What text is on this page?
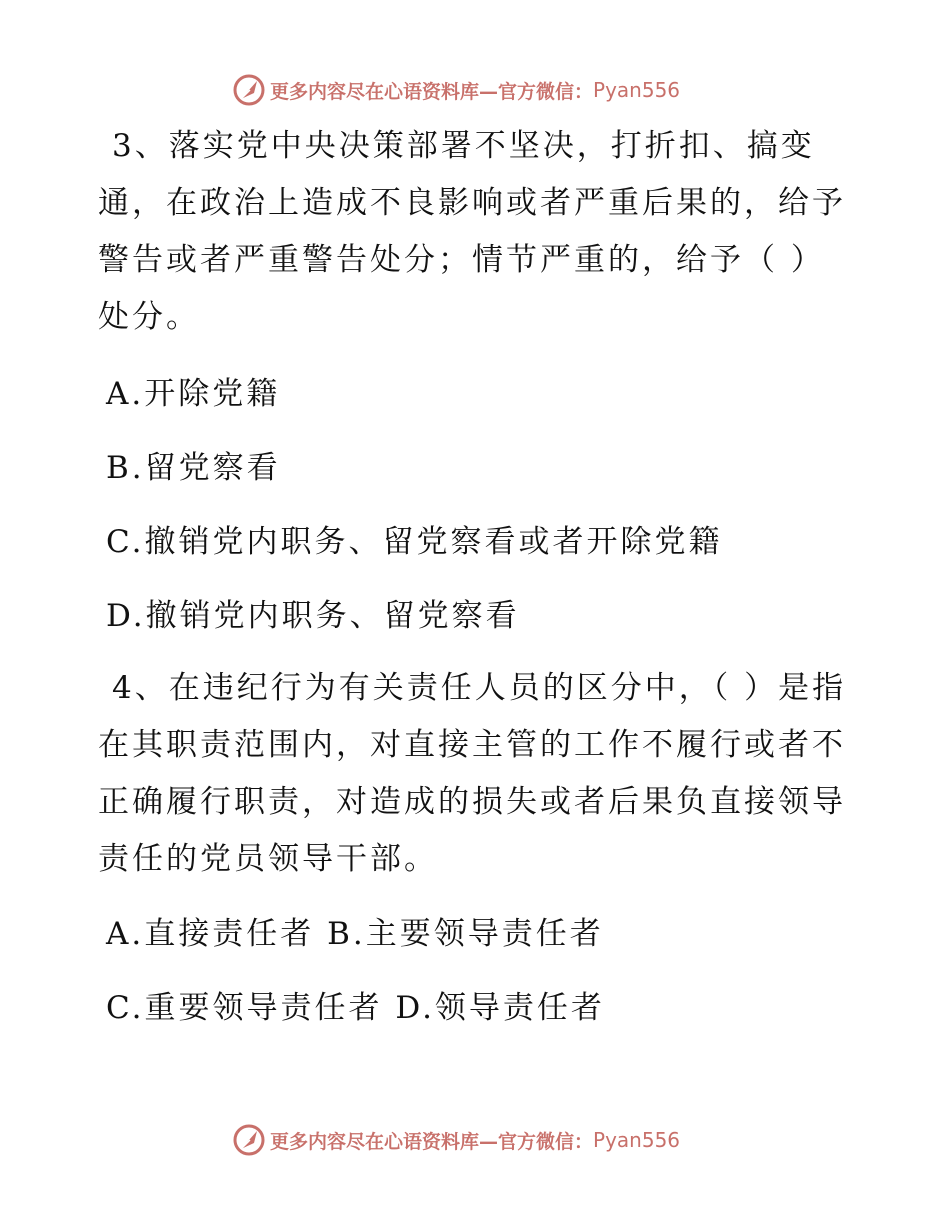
更多内容尽在心语资料库—官方微信： Pyan556

3、落实党中央决策部署不坚决，打折扣、搞变通，在政治上造成不良影响或者严重后果的，给予警告或者严重警告处分；情节严重的，给予（ ）处分。

A.开除党籍

B.留党察看

C.撤销党内职务、留党察看或者开除党籍

D.撤销党内职务、留党察看

4、在违纪行为有关责任人员的区分中，（ ）是指在其职责范围内，对直接主管的工作不履行或者不正确履行职责，对造成的损失或者后果负直接领导责任的党员领导干部。

A.直接责任者 B.主要领导责任者

C.重要领导责任者 D.领导责任者

更多内容尽在心语资料库—官方微信： Pyan556
